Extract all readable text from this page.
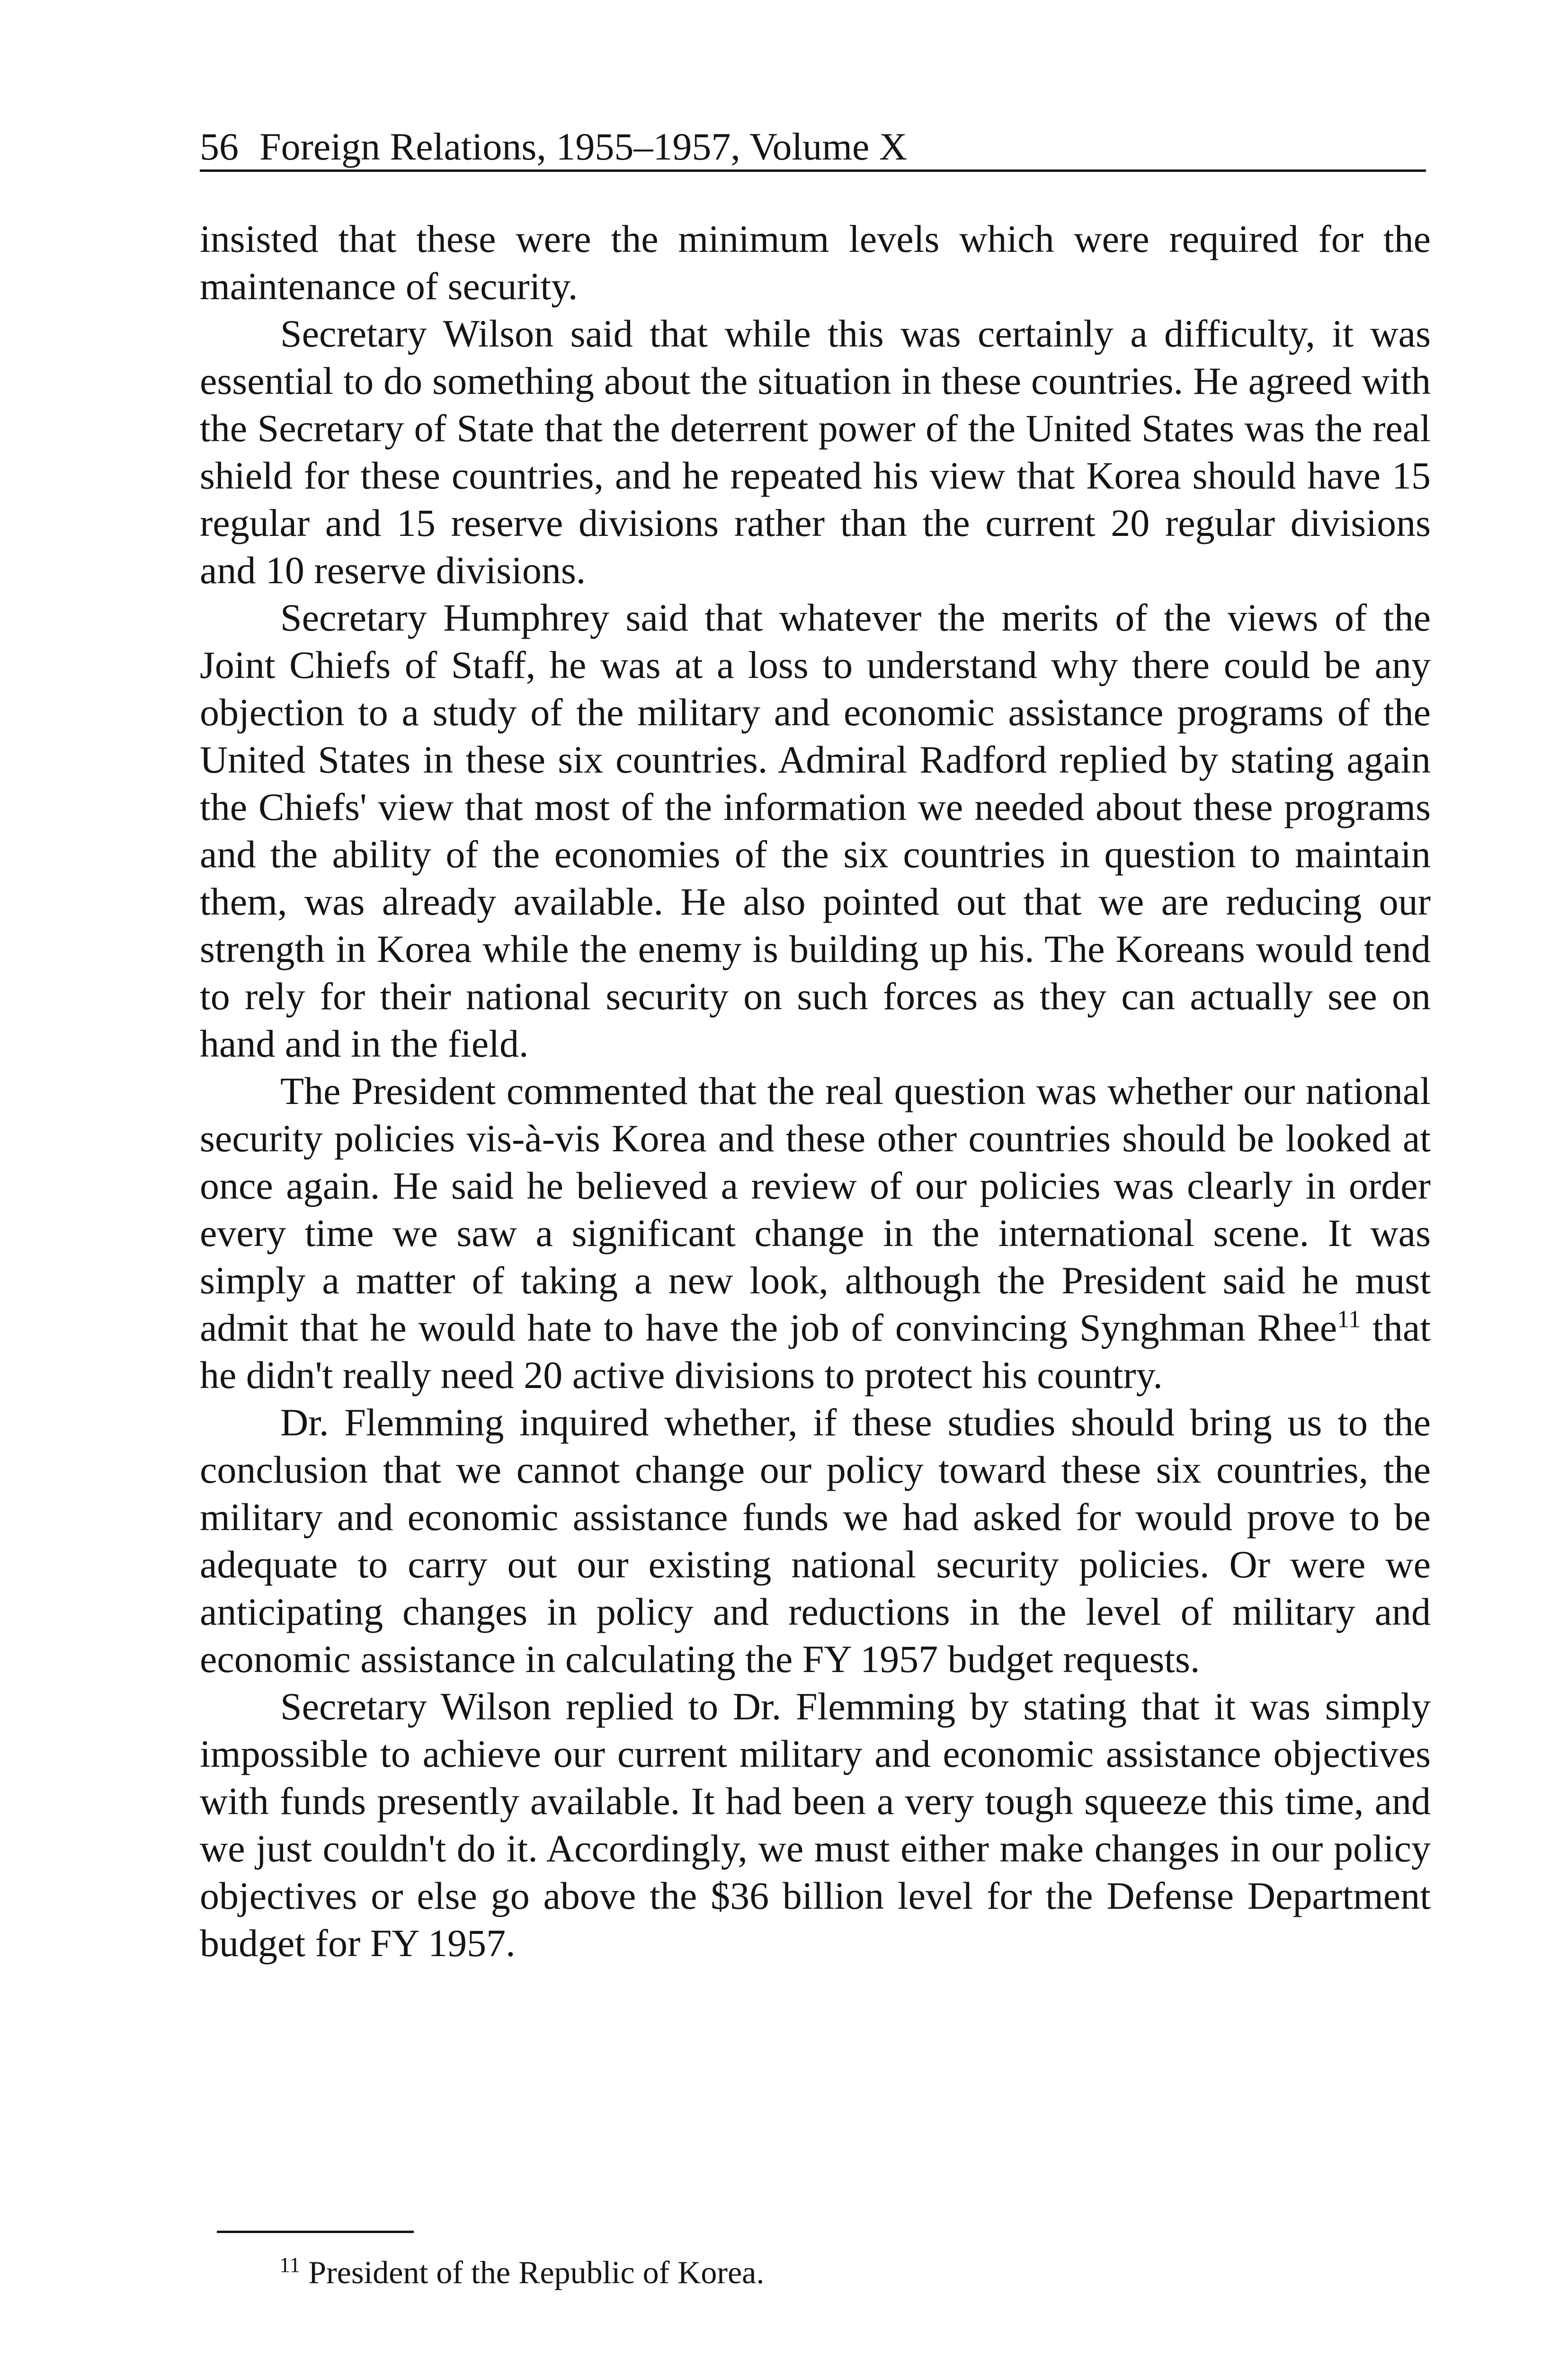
56 Foreign Relations, 1955–1957, Volume X

insisted that these were the minimum levels which were required for the maintenance of security.

Secretary Wilson said that while this was certainly a difficulty, it was essential to do something about the situation in these countries. He agreed with the Secretary of State that the deterrent power of the United States was the real shield for these countries, and he repeated his view that Korea should have 15 regular and 15 reserve divisions rather than the current 20 regular divisions and 10 reserve divisions.

Secretary Humphrey said that whatever the merits of the views of the Joint Chiefs of Staff, he was at a loss to understand why there could be any objection to a study of the military and economic assistance programs of the United States in these six countries. Admiral Radford replied by stating again the Chiefs' view that most of the information we needed about these programs and the ability of the economies of the six countries in question to maintain them, was already available. He also pointed out that we are reducing our strength in Korea while the enemy is building up his. The Koreans would tend to rely for their national security on such forces as they can actually see on hand and in the field.

The President commented that the real question was whether our national security policies vis-à-vis Korea and these other countries should be looked at once again. He said he believed a review of our policies was clearly in order every time we saw a significant change in the international scene. It was simply a matter of taking a new look, although the President said he must admit that he would hate to have the job of convincing Synghman Rhee$^{11}$ that he didn't really need 20 active divisions to protect his country.

Dr. Flemming inquired whether, if these studies should bring us to the conclusion that we cannot change our policy toward these six countries, the military and economic assistance funds we had asked for would prove to be adequate to carry out our existing national security policies. Or were we anticipating changes in policy and reductions in the level of military and economic assistance in calculating the FY 1957 budget requests.

Secretary Wilson replied to Dr. Flemming by stating that it was simply impossible to achieve our current military and economic assistance objectives with funds presently available. It had been a very tough squeeze this time, and we just couldn't do it. Accordingly, we must either make changes in our policy objectives or else go above the $36 billion level for the Defense Department budget for FY 1957.

$^{11}$ President of the Republic of Korea.
